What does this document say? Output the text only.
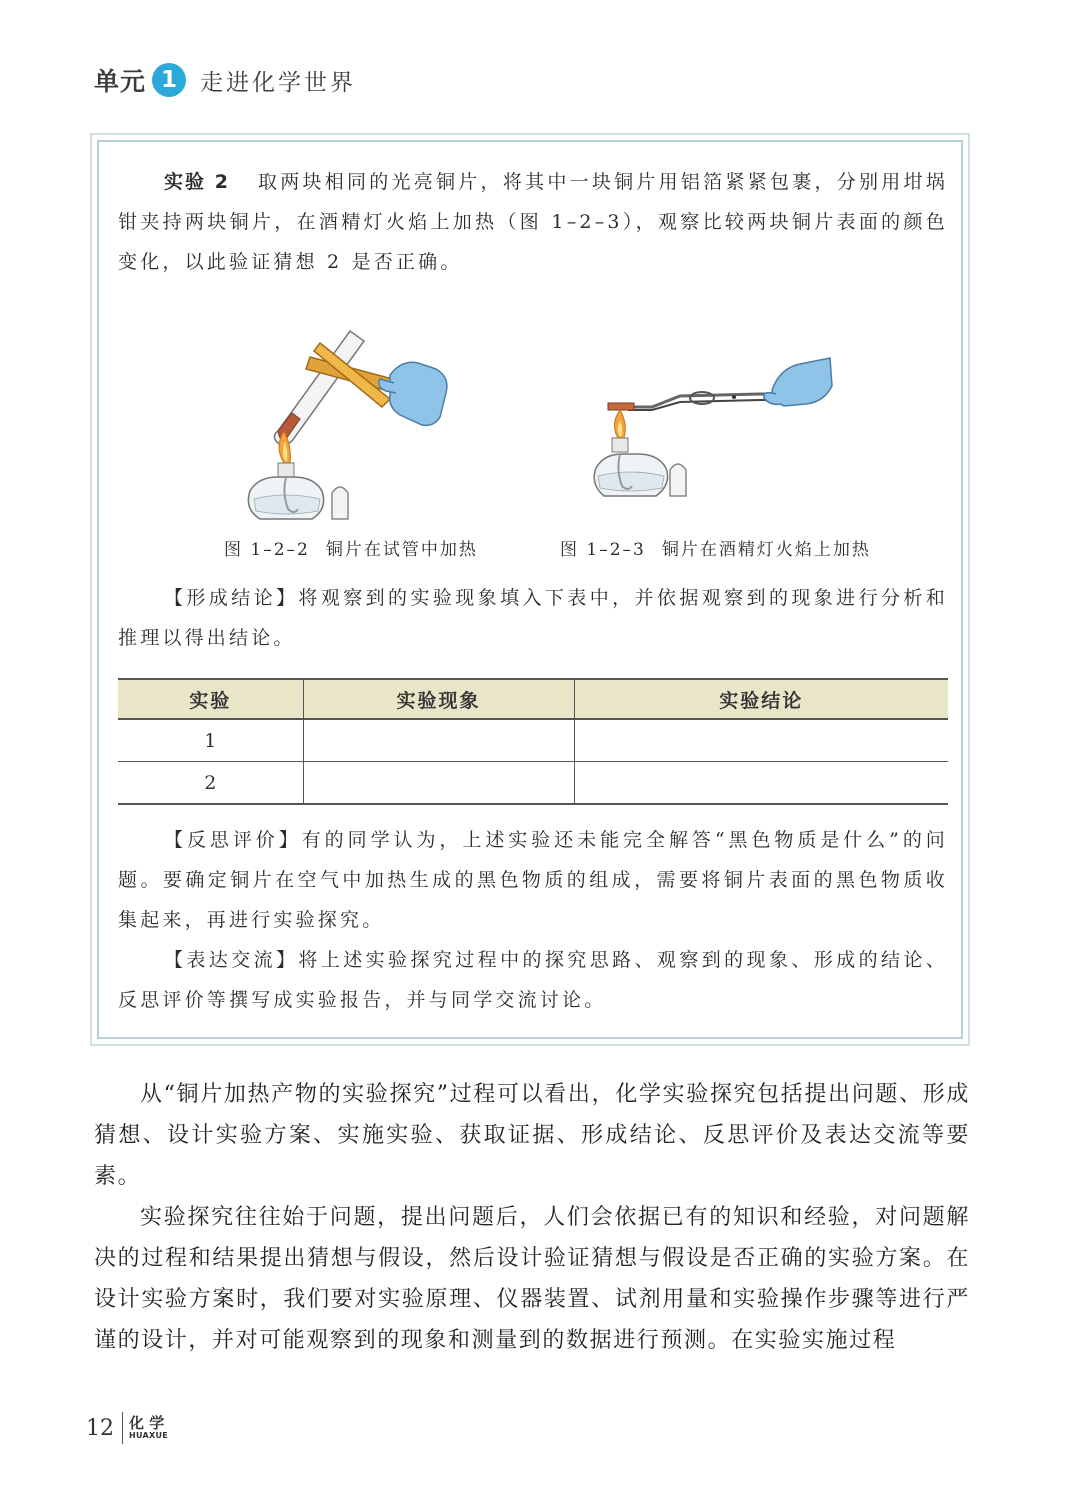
单元 1	走进化学世界

实验 2 取两块相同的光亮铜片，将其中一块铜片用铝箔紧紧包裹，分别用坩埚钳夹持两块铜片，在酒精灯火焰上加热（图 1–2–3），观察比较两块铜片表面的颜色变化，以此验证猜想 2 是否正确。

图 1–2–2 铜片在试管中加热	图 1–2–3 铜片在酒精灯火焰上加热

【形成结论】将观察到的实验现象填入下表中，并依据观察到的现象进行分析和推理以得出结论。

实验	实验现象	实验结论
1		
2		

【反思评价】有的同学认为，上述实验还未能完全解答“黑色物质是什么”的问题。要确定铜片在空气中加热生成的黑色物质的组成，需要将铜片表面的黑色物质收集起来，再进行实验探究。

【表达交流】将上述实验探究过程中的探究思路、观察到的现象、形成的结论、反思评价等撰写成实验报告，并与同学交流讨论。

从“铜片加热产物的实验探究”过程可以看出，化学实验探究包括提出问题、形成猜想、设计实验方案、实施实验、获取证据、形成结论、反思评价及表达交流等要素。

实验探究往往始于问题，提出问题后，人们会依据已有的知识和经验，对问题解决的过程和结果提出猜想与假设，然后设计验证猜想与假设是否正确的实验方案。在设计实验方案时，我们要对实验原理、仪器装置、试剂用量和实验操作步骤等进行严谨的设计，并对可能观察到的现象和测量到的数据进行预测。在实验实施过程

12 化 学
HUAXUE
